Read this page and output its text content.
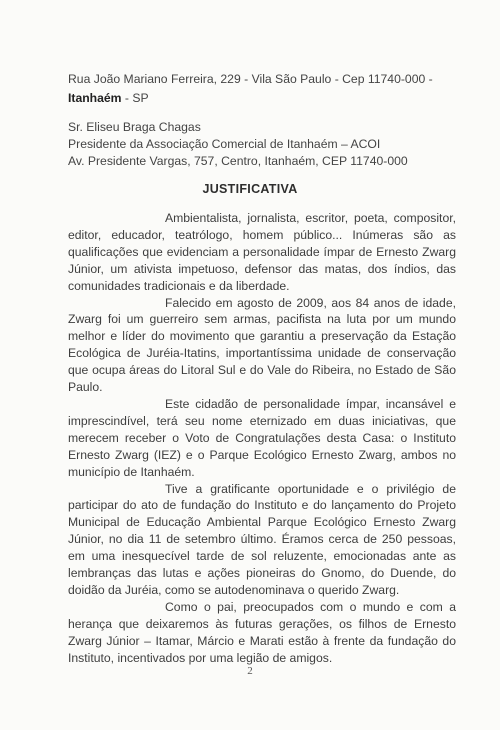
Rua João Mariano Ferreira, 229 - Vila São Paulo - Cep 11740-000 -
Itanhaém - SP
Sr. Eliseu Braga Chagas
Presidente da Associação Comercial de Itanhaém – ACOI
Av. Presidente Vargas, 757, Centro, Itanhaém, CEP 11740-000
JUSTIFICATIVA

Ambientalista, jornalista, escritor, poeta, compositor, editor, educador, teatrólogo, homem público... Inúmeras são as qualificações que evidenciam a personalidade ímpar de Ernesto Zwarg Júnior, um ativista impetuoso, defensor das matas, dos índios, das comunidades tradicionais e da liberdade.

Falecido em agosto de 2009, aos 84 anos de idade, Zwarg foi um guerreiro sem armas, pacifista na luta por um mundo melhor e líder do movimento que garantiu a preservação da Estação Ecológica de Juréia-Itatins, importantíssima unidade de conservação que ocupa áreas do Litoral Sul e do Vale do Ribeira, no Estado de São Paulo.

Este cidadão de personalidade ímpar, incansável e imprescindível, terá seu nome eternizado em duas iniciativas, que merecem receber o Voto de Congratulações desta Casa: o Instituto Ernesto Zwarg (IEZ) e o Parque Ecológico Ernesto Zwarg, ambos no município de Itanhaém.

Tive a gratificante oportunidade e o privilégio de participar do ato de fundação do Instituto e do lançamento do Projeto Municipal de Educação Ambiental Parque Ecológico Ernesto Zwarg Júnior, no dia 11 de setembro último. Éramos cerca de 250 pessoas, em uma inesquecível tarde de sol reluzente, emocionadas ante as lembranças das lutas e ações pioneiras do Gnomo, do Duende, do doidão da Juréia, como se autodenominava o querido Zwarg.

Como o pai, preocupados com o mundo e com a herança que deixaremos às futuras gerações, os filhos de Ernesto Zwarg Júnior – Itamar, Márcio e Marati estão à frente da fundação do Instituto, incentivados por uma legião de amigos.

2
